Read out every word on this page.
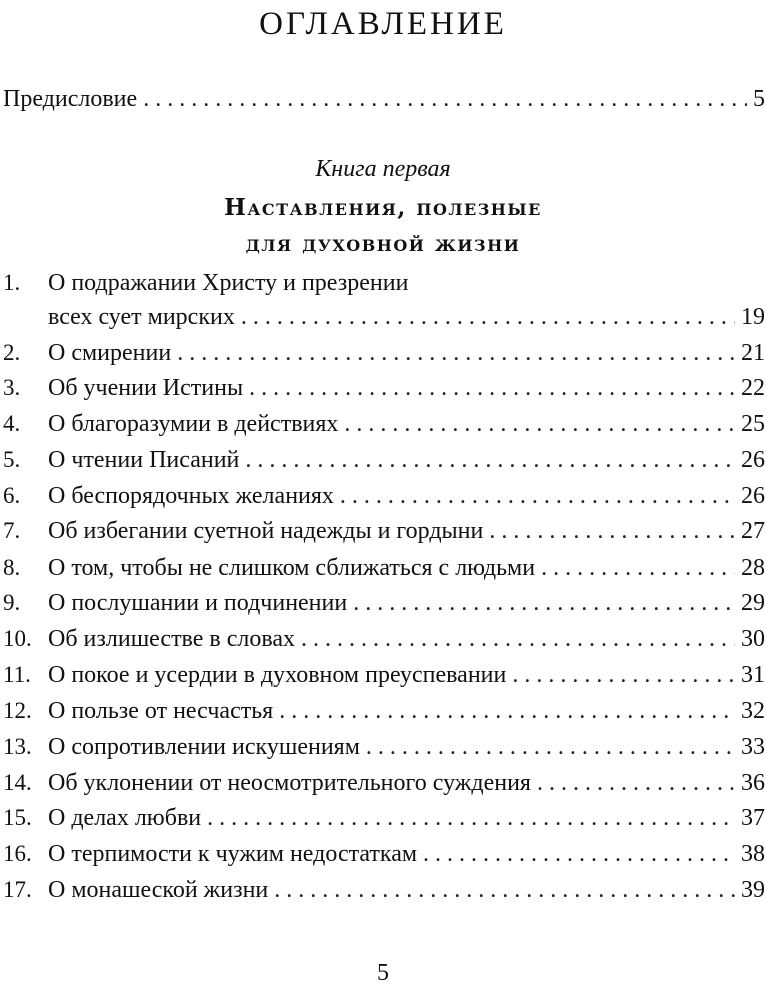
ОГЛАВЛЕНИЕ
Предисловие . . .	5
Книга первая
Наставления, полезные
для духовной жизни
1. О подражании Христу и презрении
всех сует мирских . . .	19
2. О смирении . . .	21
3. Об учении Истины . . .	22
4. О благоразумии в действиях . . .	25
5. О чтении Писаний . . .	26
6. О беспорядочных желаниях . . .	26
7. Об избегании суетной надежды и гордыни . . .	27
8. О том, чтобы не слишком сближаться с людьми . . .	28
9. О послушании и подчинении . . .	29
10. Об излишестве в словах . . .	30
11. О покое и усердии в духовном преуспевании . . .	31
12. О пользе от несчастья . . .	32
13. О сопротивлении искушениям . . .	33
14. Об уклонении от неосмотрительного суждения . . .	36
15. О делах любви . . .	37
16. О терпимости к чужим недостаткам . . .	38
17. О монашеской жизни . . .	39
5
